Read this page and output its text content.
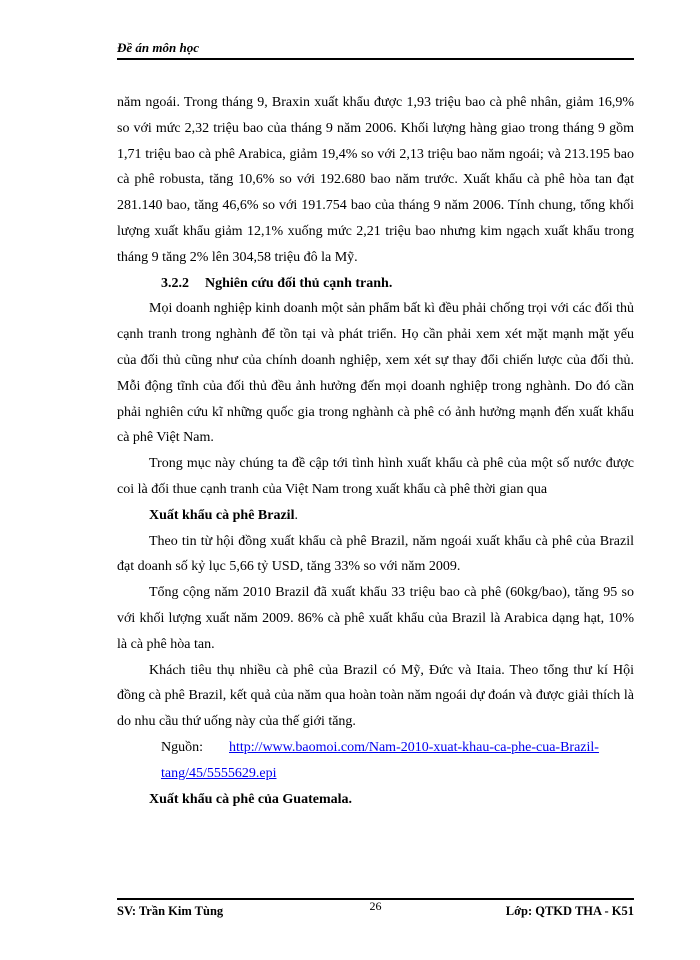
Đề án môn học

năm ngoái. Trong tháng 9, Braxin xuất khẩu được 1,93 triệu bao cà phê nhân, giảm 16,9% so với mức 2,32 triệu bao của tháng 9 năm 2006. Khối lượng hàng giao trong tháng 9 gồm 1,71 triệu bao cà phê Arabica, giảm 19,4% so với 2,13 triệu bao năm ngoái; và 213.195 bao cà phê robusta, tăng 10,6% so với 192.680 bao năm trước. Xuất khẩu cà phê hòa tan đạt 281.140 bao, tăng 46,6% so với 191.754 bao của tháng 9 năm 2006. Tính chung, tổng khối lượng xuất khẩu giảm 12,1% xuống mức 2,21 triệu bao nhưng kim ngạch xuất khẩu trong tháng 9 tăng 2% lên 304,58 triệu đô la Mỹ.

3.2.2 Nghiên cứu đối thủ cạnh tranh.

Mọi doanh nghiệp kinh doanh một sản phẩm bất kì đều phải chống trọi với các đối thủ cạnh tranh trong nghành để tồn tại và phát triển. Họ cần phải xem xét mặt mạnh mặt yếu của đối thủ cũng như của chính doanh nghiệp, xem xét sự thay đổi chiến lược của đối thủ. Mỗi động tĩnh của đối thủ đều ảnh hưởng đến mọi doanh nghiệp trong nghành. Do đó cần phải nghiên cứu kĩ những quốc gia trong nghành cà phê có ảnh hưởng mạnh đến xuất khẩu cà phê Việt Nam.

Trong mục này chúng ta đề cập tới tình hình xuất khẩu cà phê của một số nước được coi là đối thue cạnh tranh của Việt Nam trong xuất khẩu cà phê thời gian qua

Xuất khẩu cà phê Brazil.

Theo tin từ hội đồng xuất khẩu cà phê Brazil, năm ngoái xuất khẩu cà phê của Brazil đạt doanh số kỷ lục 5,66 tỷ USD, tăng 33% so với năm 2009.

Tổng cộng năm 2010 Brazil đã xuất khẩu 33 triệu bao cà phê (60kg/bao), tăng 95 so với khối lượng xuất năm 2009. 86% cà phê xuất khẩu của Brazil là Arabica dạng hạt, 10% là cà phê hòa tan.

Khách tiêu thụ nhiều cà phê của Brazil có Mỹ, Đức và Itaia. Theo tổng thư kí Hội đồng cà phê Brazil, kết quả của năm qua hoàn toàn năm ngoái dự đoán và được giải thích là do nhu cầu thứ uống này của thế giới tăng.

Nguồn: http://www.baomoi.com/Nam-2010-xuat-khau-ca-phe-cua-Brazil-tang/45/5555629.epi

Xuất khẩu cà phê của Guatemala.

SV: Trần Kim Tùng	26	Lớp: QTKD THA - K51
